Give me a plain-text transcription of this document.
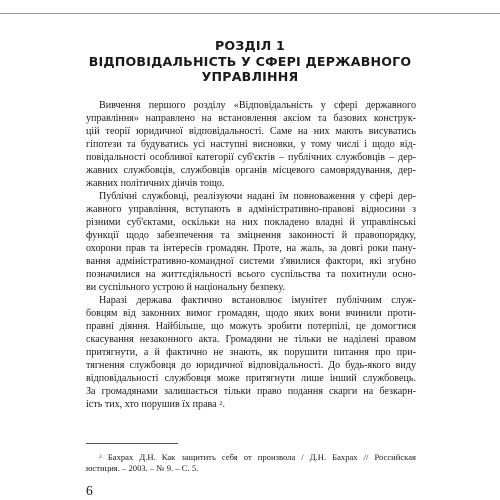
РОЗДІЛ 1
ВІДПОВІДАЛЬНІСТЬ У СФЕРІ ДЕРЖАВНОГО
УПРАВЛІННЯ
Вивчення першого розділу «Відповідальність у сфері державного
управління» направлено на встановлення аксіом та базових конструк-
цій теорії юридичної відповідальності. Саме на них мають висуватись
гіпотези та будуватись усі наступні висновки, у тому числі і щодо від-
повідальності особливої категорії суб'єктів – публічних службовців – дер-
жавних службовців, службовців органів місцевого самоврядування, дер-
жавних політичних діячів тощо.
Публічні службовці, реалізуючи надані їм повноваження у сфері дер-
жавного управління, вступають в адміністративно-правові відносини з
різними суб'єктами, оскільки на них покладено владні й управлінські
функції щодо забезпечення та зміцнення законності й правопорядку,
охорони прав та інтересів громадян. Проте, на жаль, за довгі роки пану-
вання адміністративно-командної системи з'явилися фактори, які згубно
позначилися на життєдіяльності всього суспільства та похитнули осно-
ви суспільного устрою й національну безпеку.
Наразі держава фактично встановлює імунітет публічним служ-
бовцям від законних вимог громадян, щодо яких вони вчинили проти-
правні діяння. Найбільше, що можуть зробити потерпілі, це домогтися
скасування незаконного акта. Громадяни не тільки не наділені правом
притягнути, а й фактично не знають, як порушити питання про при-
тягнення службовця до юридичної відповідальності. До будь-якого виду
відповідальності службовця може притягнути лише інший службовець.
За громадянами залишається тільки право подання скарги на безкарн-
ість тих, хто порушив їх права $^2$.
$^2$ Бахрах Д.Н. Как защитить себя от произвола / Д.Н. Бахрах // Российская
юстиция. – 2003. – № 9. – С. 5.
6
